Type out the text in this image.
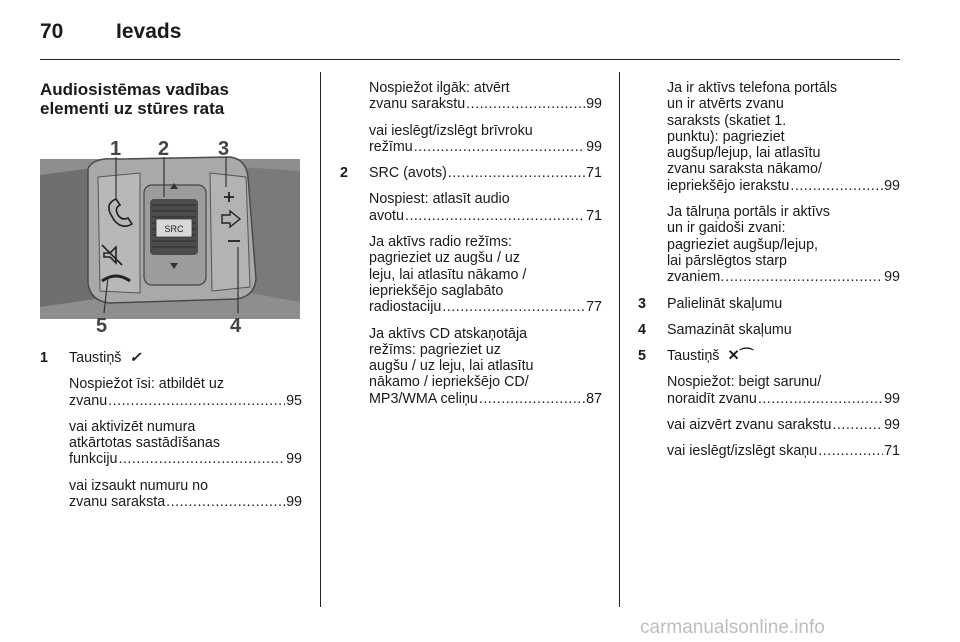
70	Ievads

Audiosistēmas vadības
elementi uz stūres rata

SRC
1 2 3
4
5
1 Taustiņš ✓
Nospiežot īsi: atbildēt uz
zvanu .....	95
vai aktivizēt numura
atkārtotas sastādīšanas
funkciju .....	99
vai izsaukt numuru no
zvanu saraksta .....	99
Nospiežot ilgāk: atvērt
zvanu sarakstu .....	99
vai ieslēgt/izslēgt brīvroku
režīmu .....	99
2 SRC (avots) .....	71
Nospiest: atlasīt audio
avotu .....	71
Ja aktīvs radio režīms:
pagrieziet uz augšu / uz
leju, lai atlasītu nākamo /
iepriekšējo saglabāto
radiostaciju .....	77
Ja aktīvs CD atskaņotāja
režīms: pagrieziet uz
augšu / uz leju, lai atlasītu
nākamo / iepriekšējo CD/
MP3/WMA celiņu .....	87
Ja ir aktīvs telefona portāls
un ir atvērts zvanu
saraksts (skatiet 1.
punktu): pagrieziet
augšup/lejup, lai atlasītu
zvanu saraksta nākamo/
iepriekšējo ierakstu .....	99
Ja tālruņa portāls ir aktīvs
un ir gaidoši zvani:
pagrieziet augšup/lejup,
lai pārslēgtos starp
zvaniem. .....	99
3 Palielināt skaļumu
4 Samazināt skaļumu
5 Taustiņš ✕⌒
Nospiežot: beigt sarunu/
noraidīt zvanu .....	99
vai aizvērt zvanu sarakstu .....	99
vai ieslēgt/izslēgt skaņu .....	71
carmanualsonline.info
